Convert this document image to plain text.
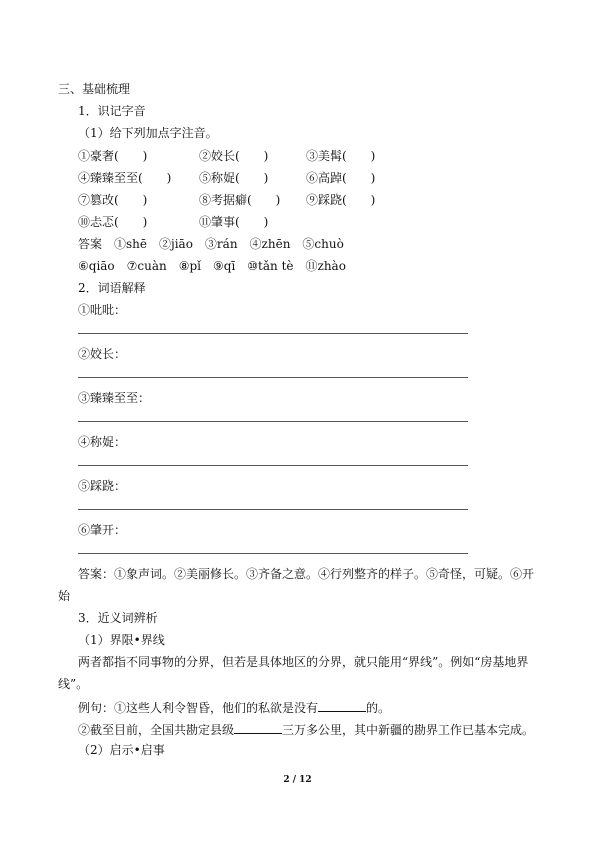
三、基础梳理
1．识记字音
（1）给下列加点字注音。
①豪奢(　　)	②姣长(　　)	③美髯(　　)
④臻臻至至(　　) ⑤称娖(　　)	⑥高踔(　　)
⑦篡改(　　)	⑧考据癖(　　) ⑨踩跷(　　)
⑩忐忑(　　)	⑪肇事(　　)
答案　①shē　②jiāo　③rán　④zhēn　⑤chuò
⑥qiāo　⑦cuàn　⑧pǐ　⑨qī　⑩tǎn tè　⑪zhào
2．词语解释
①吡吡：
②姣长：
③臻臻至至：
④称娖：
⑤踩跷：
⑥肇开：
答案：①象声词。②美丽修长。③齐备之意。④行列整齐的样子。⑤奇怪，可疑。⑥开
始
3．近义词辨析
（1）界限•界线
两者都指不同事物的分界，但若是具体地区的分界，就只能用“界线”。例如“房基地界
线”。
例句：①这些人利令智昏，他们的私欲是没有	的。
②截至目前，全国共勘定县级	三万多公里，其中新疆的勘界工作已基本完成。
（2）启示•启事
2 / 12
